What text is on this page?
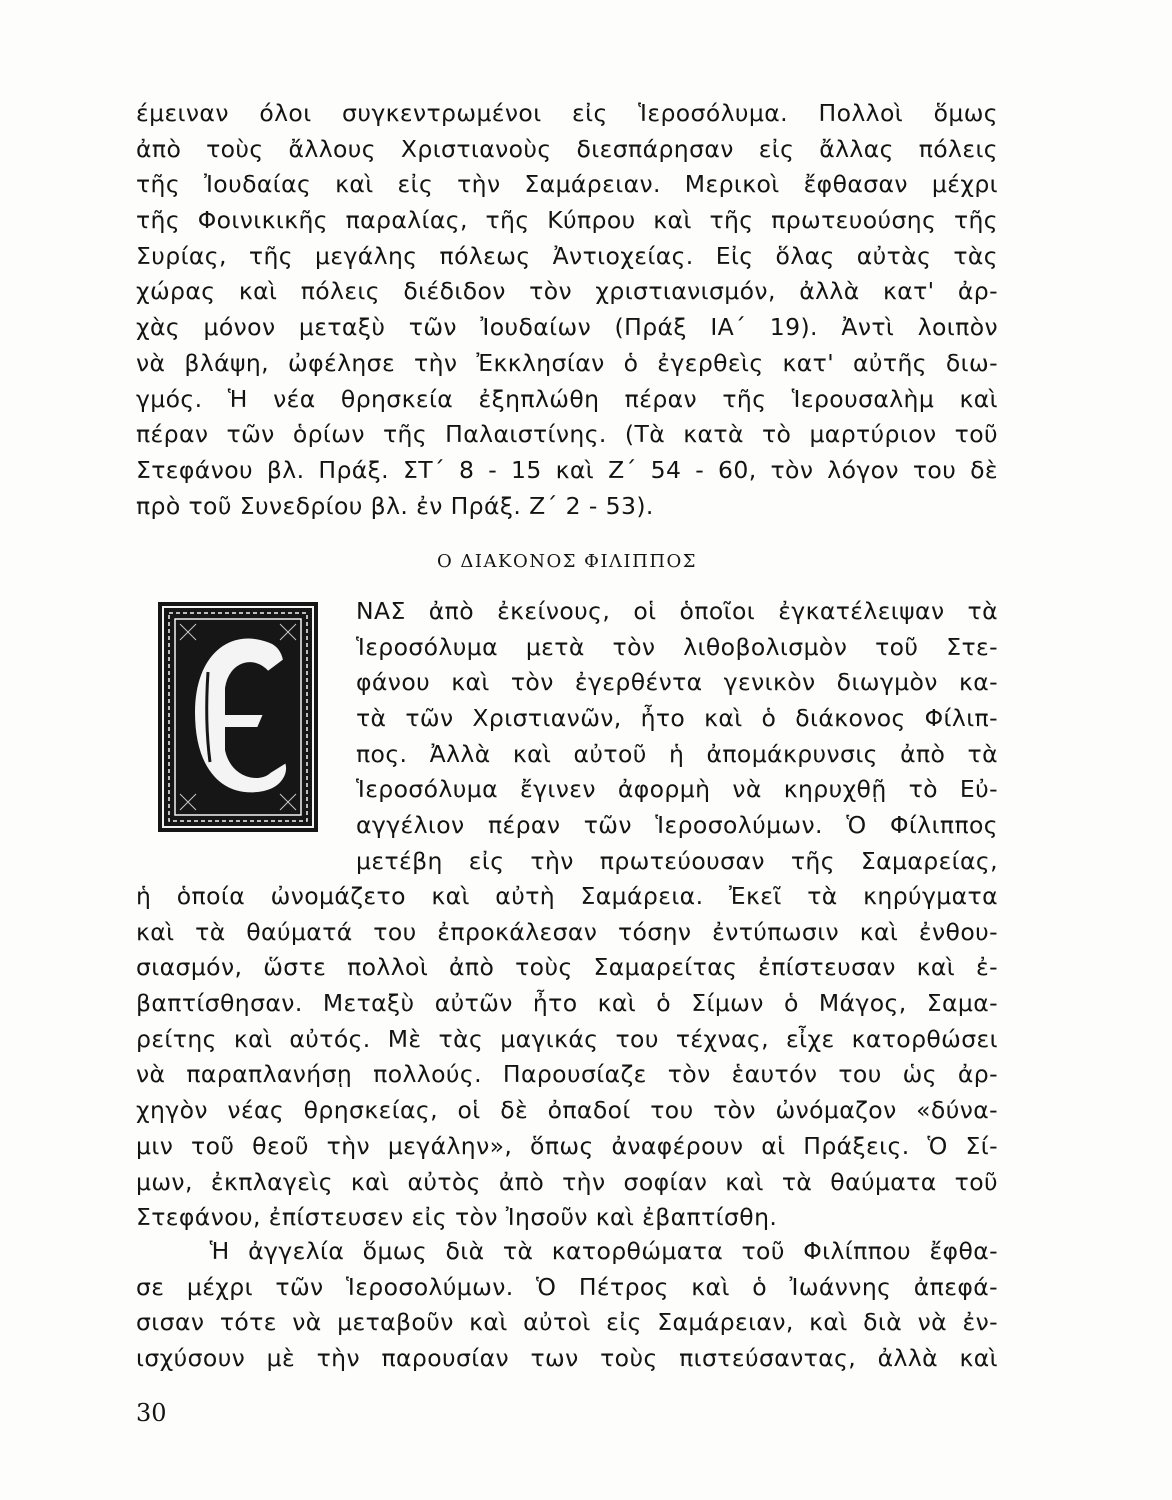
έμειναν όλοι συγκεντρωμένοι εἰς Ἱεροσόλυμα. Πολλοὶ ὅμως
ἀπὸ τοὺς ἄλλους Χριστιανοὺς διεσπάρησαν εἰς ἄλλας πόλεις
τῆς Ἰουδαίας καὶ εἰς τὴν Σαμάρειαν. Μερικοὶ ἔφθασαν μέχρι
τῆς Φοινικικῆς παραλίας, τῆς Κύπρου καὶ τῆς πρωτευούσης τῆς
Συρίας, τῆς μεγάλης πόλεως Ἀντιοχείας. Εἰς ὅλας αὐτὰς τὰς
χώρας καὶ πόλεις διέδιδον τὸν χριστιανισμόν, ἀλλὰ κατ' ἀρ-
χὰς μόνον μεταξὺ τῶν Ἰουδαίων (Πράξ ΙΑ΄ 19). Ἀντὶ λοιπὸν
νὰ βλάψη, ὠφέλησε τὴν Ἐκκλησίαν ὁ ἐγερθεὶς κατ' αὐτῆς διω-
γμός. Ἡ νέα θρησκεία ἐξηπλώθη πέραν τῆς Ἱερουσαλὴμ καὶ
πέραν τῶν ὁρίων τῆς Παλαιστίνης. (Τὰ κατὰ τὸ μαρτύριον τοῦ
Στεφάνου βλ. Πράξ. ΣΤ΄ 8 - 15 καὶ Ζ΄ 54 - 60, τὸν λόγον του δὲ
πρὸ τοῦ Συνεδρίου βλ. ἐν Πράξ. Ζ΄ 2 - 53).
Ο ΔΙΑΚΟΝΟΣ ΦΙΛΙΠΠΟΣ
ΝΑΣ ἀπὸ ἐκείνους, οἱ ὁποῖοι ἐγκατέλειψαν τὰ
Ἱεροσόλυμα μετὰ τὸν λιθοβολισμὸν τοῦ Στε-
φάνου καὶ τὸν ἐγερθέντα γενικὸν διωγμὸν κα-
τὰ τῶν Χριστιανῶν, ἦτο καὶ ὁ διάκονος Φίλιπ-
πος. Ἀλλὰ καὶ αὐτοῦ ἡ ἀπομάκρυνσις ἀπὸ τὰ
Ἱεροσόλυμα ἔγινεν ἀφορμὴ νὰ κηρυχθῇ τὸ Εὐ-
αγγέλιον πέραν τῶν Ἱεροσολύμων. Ὁ Φίλιππος
μετέβη εἰς τὴν πρωτεύουσαν τῆς Σαμαρείας,
ἡ ὁποία ὠνομάζετο καὶ αὐτὴ Σαμάρεια. Ἐκεῖ τὰ κηρύγματα
καὶ τὰ θαύματά του ἐπροκάλεσαν τόσην ἐντύπωσιν καὶ ἐνθου-
σιασμόν, ὥστε πολλοὶ ἀπὸ τοὺς Σαμαρείτας ἐπίστευσαν καὶ ἐ-
βαπτίσθησαν. Μεταξὺ αὐτῶν ἦτο καὶ ὁ Σίμων ὁ Μάγος, Σαμα-
ρείτης καὶ αὐτός. Μὲ τὰς μαγικάς του τέχνας, εἶχε κατορθώσει
νὰ παραπλανήσῃ πολλούς. Παρουσίαζε τὸν ἑαυτόν του ὡς ἀρ-
χηγὸν νέας θρησκείας, οἱ δὲ ὀπαδοί του τὸν ὠνόμαζον «δύνα-
μιν τοῦ θεοῦ τὴν μεγάλην», ὅπως ἀναφέρουν αἱ Πράξεις. Ὁ Σί-
μων, ἐκπλαγεὶς καὶ αὐτὸς ἀπὸ τὴν σοφίαν καὶ τὰ θαύματα τοῦ
Στεφάνου, ἐπίστευσεν εἰς τὸν Ἰησοῦν καὶ ἐβαπτίσθη.
Ἡ ἀγγελία ὅμως διὰ τὰ κατορθώματα τοῦ Φιλίππου ἔφθα-
σε μέχρι τῶν Ἱεροσολύμων. Ὁ Πέτρος καὶ ὁ Ἰωάννης ἀπεφά-
σισαν τότε νὰ μεταβοῦν καὶ αὐτοὶ εἰς Σαμάρειαν, καὶ διὰ νὰ ἐν-
ισχύσουν μὲ τὴν παρουσίαν των τοὺς πιστεύσαντας, ἀλλὰ καὶ
30
